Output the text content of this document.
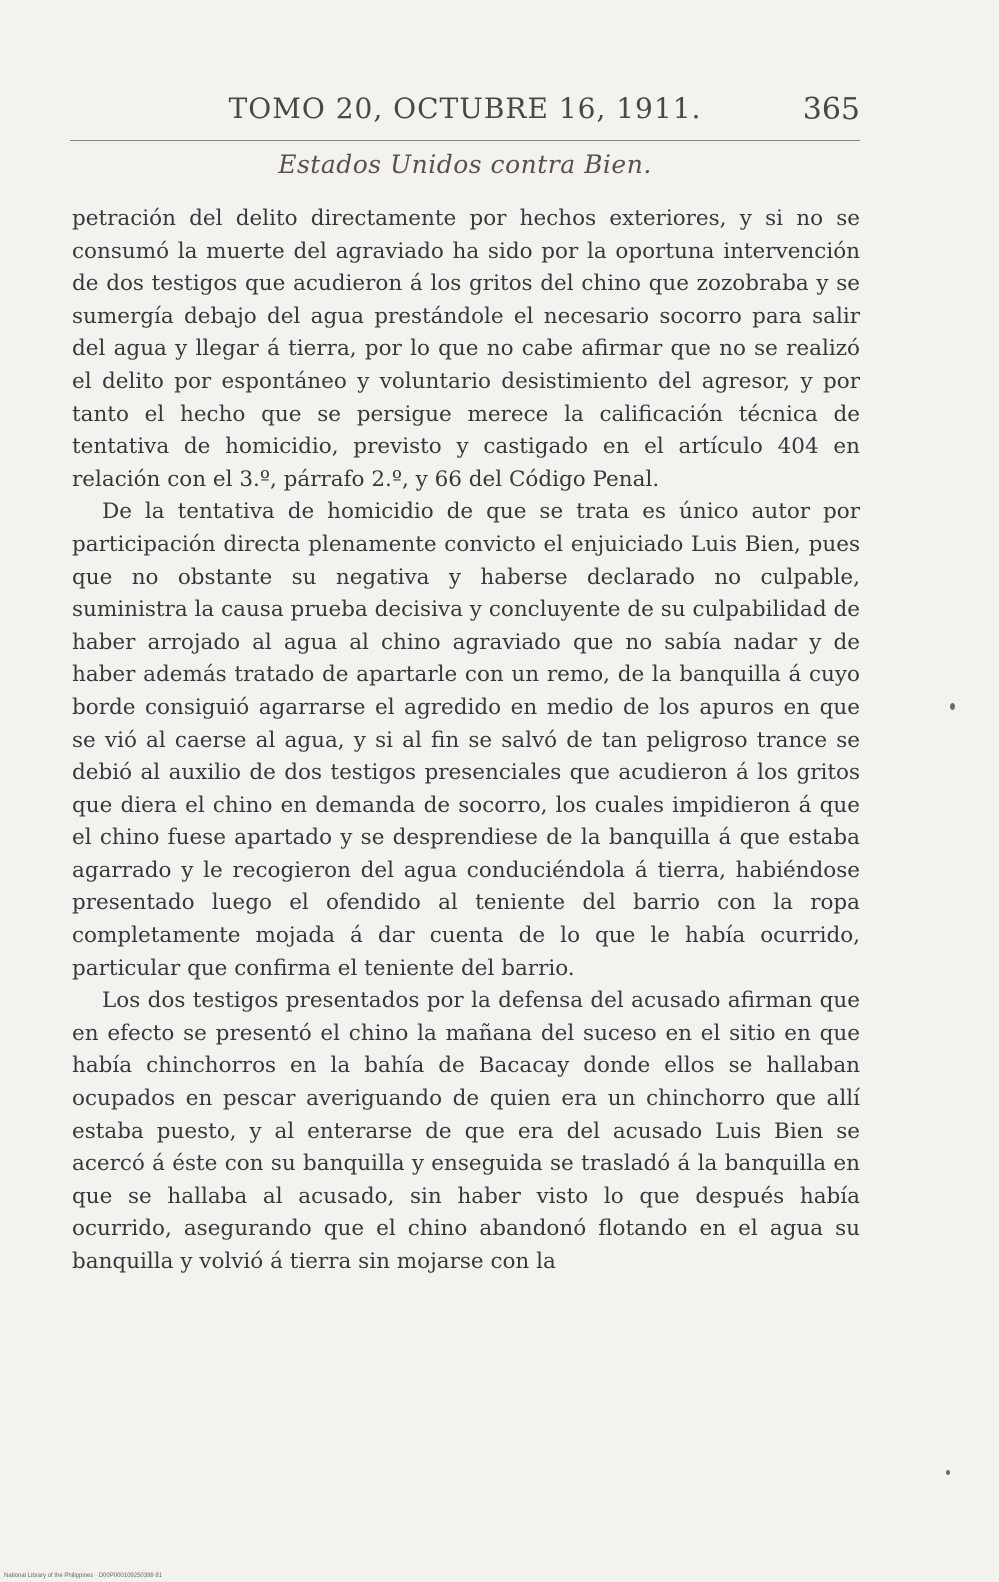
TOMO 20, OCTUBRE 16, 1911.	365
Estados Unidos contra Bien.

petración del delito directamente por hechos exteriores, y si no se consumó la muerte del agraviado ha sido por la oportuna intervención de dos testigos que acudieron á los gritos del chino que zozobraba y se sumergía debajo del agua prestándole el necesario socorro para salir del agua y llegar á tierra, por lo que no cabe afirmar que no se realizó el delito por espontáneo y voluntario desistimiento del agresor, y por tanto el hecho que se persigue merece la calificación técnica de tentativa de homicidio, previsto y castigado en el artículo 404 en relación con el 3.º, párrafo 2.º, y 66 del Código Penal.

De la tentativa de homicidio de que se trata es único autor por participación directa plenamente convicto el enjuiciado Luis Bien, pues que no obstante su negativa y haberse declarado no culpable, suministra la causa prueba decisiva y concluyente de su culpabilidad de haber arrojado al agua al chino agraviado que no sabía nadar y de haber además tratado de apartarle con un remo, de la banquilla á cuyo borde consiguió agarrarse el agredido en medio de los apuros en que se vió al caerse al agua, y si al fin se salvó de tan peligroso trance se debió al auxilio de dos testigos presenciales que acudieron á los gritos que diera el chino en demanda de socorro, los cuales impidieron á que el chino fuese apartado y se desprendiese de la banquilla á que estaba agarrado y le recogieron del agua conduciéndola á tierra, habiéndose presentado luego el ofendido al teniente del barrio con la ropa completamente mojada á dar cuenta de lo que le había ocurrido, particular que confirma el teniente del barrio.

Los dos testigos presentados por la defensa del acusado afirman que en efecto se presentó el chino la mañana del suceso en el sitio en que había chinchorros en la bahía de Bacacay donde ellos se hallaban ocupados en pescar averiguando de quien era un chinchorro que allí estaba puesto, y al enterarse de que era del acusado Luis Bien se acercó á éste con su banquilla y enseguida se trasladó á la banquilla en que se hallaba al acusado, sin haber visto lo que después había ocurrido, asegurando que el chino abandonó flotando en el agua su banquilla y volvió á tierra sin mojarse con la

National Library of the Philippines · D00P000109250399 81
